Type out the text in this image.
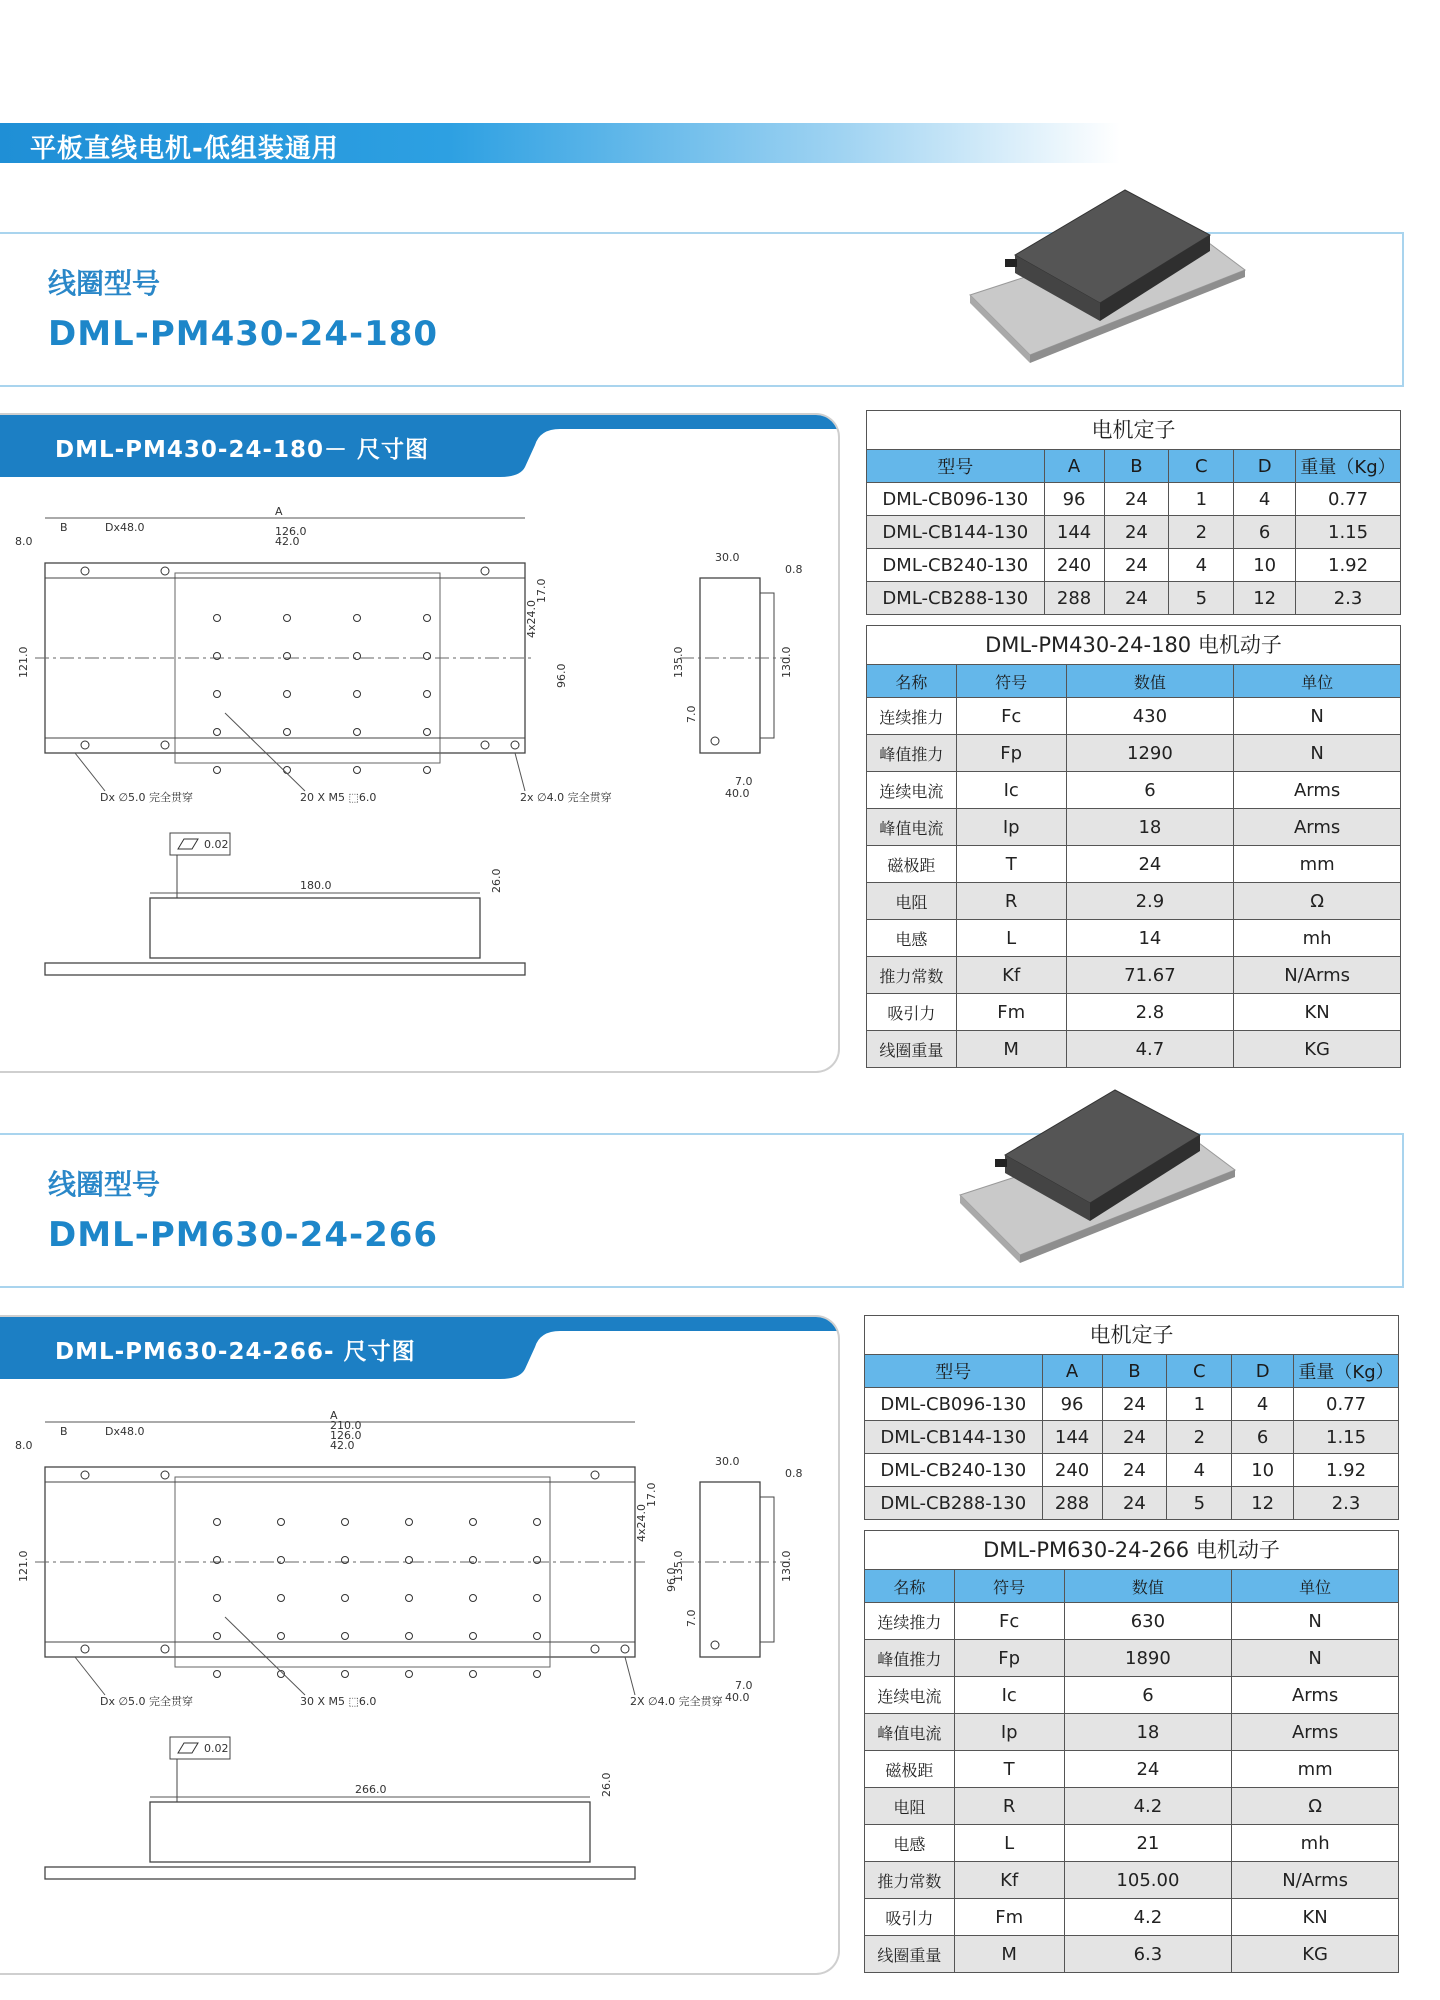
平板直线电机-低组装通用
线圈型号
DML-PM430-24-180
DML-PM430-24-180－ 尺寸图
A
B	Dx48.0	126.0
42.0
8.0
121.0	96.0
17.0
4x24.0
Dx ∅5.0 完全贯穿	20 X M5 ⬚6.0	2x ∅4.0 完全贯穿
30.0
0.8
135.0	130.0
7.0
7.0
40.0
0.02
180.0	26.0
电机定子
型号	A	B	C	D	重量（Kg）
DML-CB096-130	96	24	1	4	0.77
DML-CB144-130	144	24	2	6	1.15
DML-CB240-130	240	24	4	10	1.92
DML-CB288-130	288	24	5	12	2.3
DML-PM430-24-180 电机动子
名称	符号	数值	单位
连续推力	Fc	430	N
峰值推力	Fp	1290	N
连续电流	Ic	6	Arms
峰值电流	Ip	18	Arms
磁极距	T	24	mm
电阻	R	2.9	Ω
电感	L	14	mh
推力常数	Kf	71.67	N/Arms
吸引力	Fm	2.8	KN
线圈重量	M	4.7	KG
线圈型号
DML-PM630-24-266
DML-PM630-24-266- 尺寸图
A
B	Dx48.0	210.0
126.0
42.0
8.0
121.0	96.0
17.0
4x24.0
Dx ∅5.0 完全贯穿	30 X M5 ⬚6.0	2X ∅4.0 完全贯穿
30.0
0.8
135.0	130.0
7.0
7.0
40.0
0.02
266.0	26.0
电机定子
型号	A	B	C	D	重量（Kg）
DML-CB096-130	96	24	1	4	0.77
DML-CB144-130	144	24	2	6	1.15
DML-CB240-130	240	24	4	10	1.92
DML-CB288-130	288	24	5	12	2.3
DML-PM630-24-266 电机动子
名称	符号	数值	单位
连续推力	Fc	630	N
峰值推力	Fp	1890	N
连续电流	Ic	6	Arms
峰值电流	Ip	18	Arms
磁极距	T	24	mm
电阻	R	4.2	Ω
电感	L	21	mh
推力常数	Kf	105.00	N/Arms
吸引力	Fm	4.2	KN
线圈重量	M	6.3	KG
